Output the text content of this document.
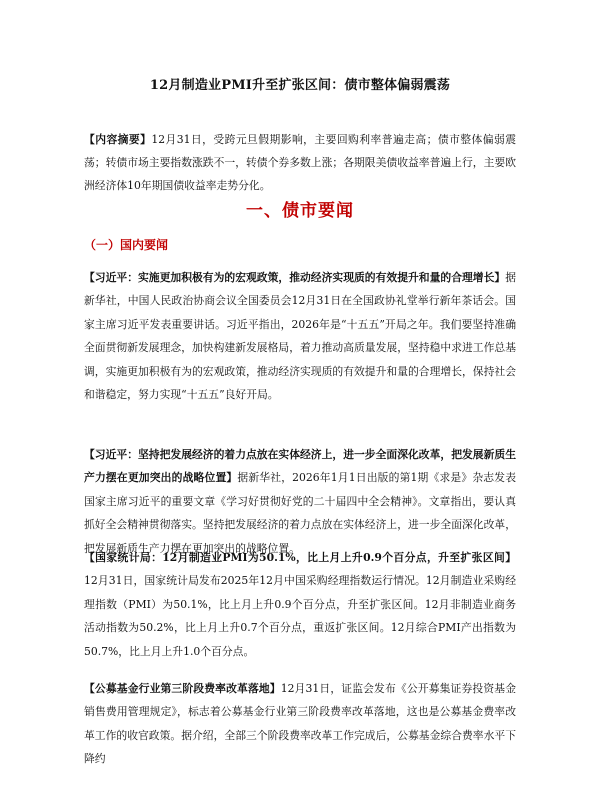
12月制造业PMI升至扩张区间：债市整体偏弱震荡
【内容摘要】12月31日，受跨元旦假期影响，主要回购利率普遍走高；债市整体偏弱震荡；转债市场主要指数涨跌不一，转债个券多数上涨；各期限美债收益率普遍上行，主要欧洲经济体10年期国债收益率走势分化。
一、债市要闻
（一）国内要闻
【习近平：实施更加积极有为的宏观政策，推动经济实现质的有效提升和量的合理增长】据新华社，中国人民政治协商会议全国委员会12月31日在全国政协礼堂举行新年茶话会。国家主席习近平发表重要讲话。习近平指出，2026年是“十五五”开局之年。我们要坚持准确全面贯彻新发展理念，加快构建新发展格局，着力推动高质量发展，坚持稳中求进工作总基调，实施更加积极有为的宏观政策，推动经济实现质的有效提升和量的合理增长，保持社会和谐稳定，努力实现“十五五”良好开局。
【习近平：坚持把发展经济的着力点放在实体经济上，进一步全面深化改革，把发展新质生产力摆在更加突出的战略位置】据新华社，2026年1月1日出版的第1期《求是》杂志发表国家主席习近平的重要文章《学习好贯彻好党的二十届四中全会精神》。文章指出，要认真抓好全会精神贯彻落实。坚持把发展经济的着力点放在实体经济上，进一步全面深化改革，把发展新质生产力摆在更加突出的战略位置。
【国家统计局：12月制造业PMI为50.1%，比上月上升0.9个百分点，升至扩张区间】12月31日，国家统计局发布2025年12月中国采购经理指数运行情况。12月制造业采购经理指数（PMI）为50.1%，比上月上升0.9个百分点，升至扩张区间。12月非制造业商务活动指数为50.2%，比上月上升0.7个百分点，重返扩张区间。12月综合PMI产出指数为50.7%，比上月上升1.0个百分点。
【公募基金行业第三阶段费率改革落地】12月31日，证监会发布《公开募集证券投资基金销售费用管理规定》，标志着公募基金行业第三阶段费率改革落地，这也是公募基金费率改革工作的收官政策。据介绍，全部三个阶段费率改革工作完成后，公募基金综合费率水平下降约
